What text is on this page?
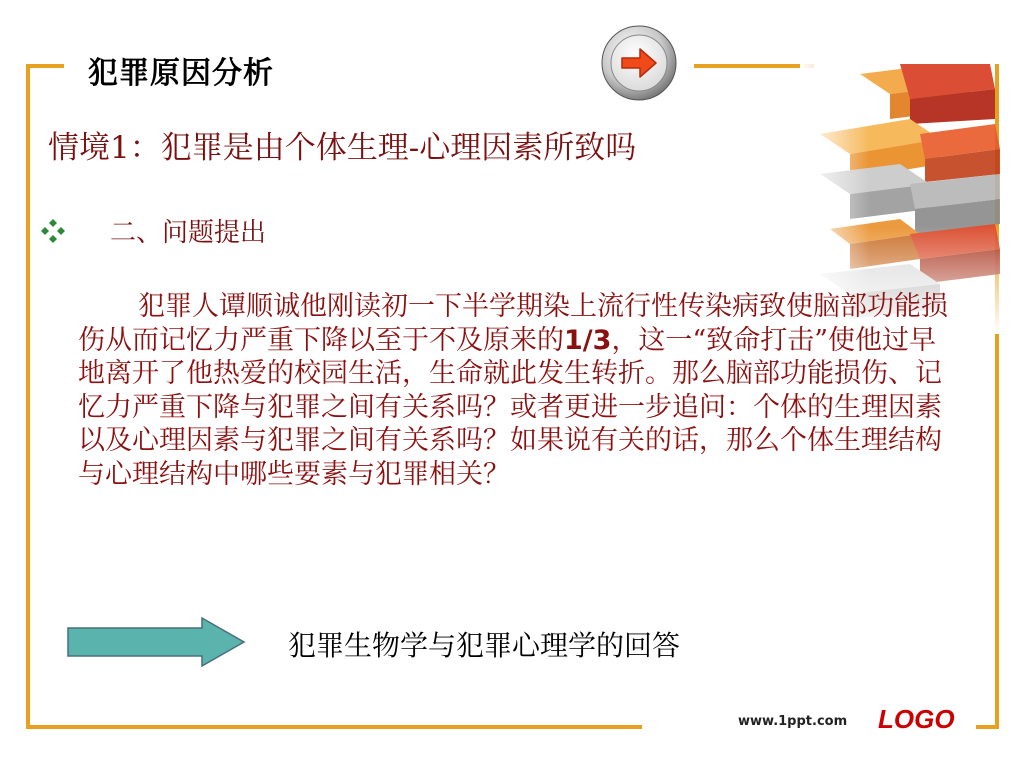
犯罪原因分析
情境1：犯罪是由个体生理-心理因素所致吗
二、问题提出

犯罪人谭顺诚他刚读初一下半学期染上流行性传染病致使脑部功能损伤从而记忆力严重下降以至于不及原来的1/3，这一“致命打击”使他过早地离开了他热爱的校园生活，生命就此发生转折。那么脑部功能损伤、记忆力严重下降与犯罪之间有关系吗？或者更进一步追问：个体的生理因素以及心理因素与犯罪之间有关系吗？如果说有关的话，那么个体生理结构与心理结构中哪些要素与犯罪相关？

犯罪生物学与犯罪心理学的回答
www.1ppt.com LOGO
